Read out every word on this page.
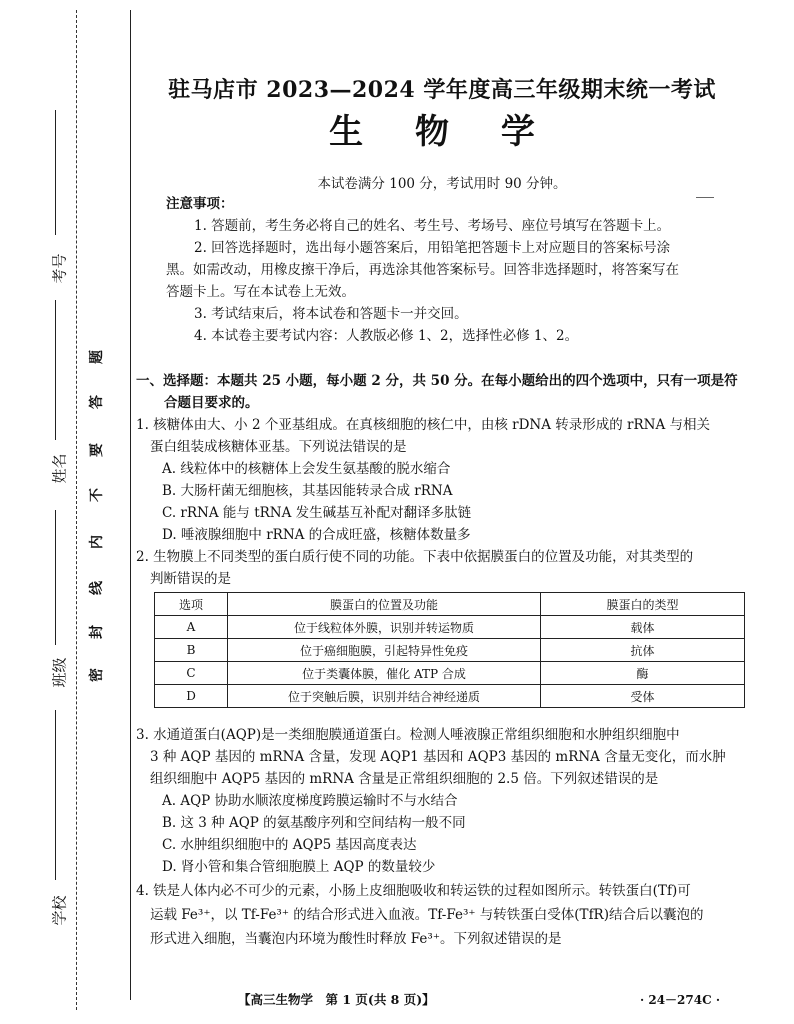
考号
姓名
班级
学校
密
封
线
内
不
要
答
题
驻马店市 2023—2024 学年度高三年级期末统一考试
生 物 学
本试卷满分 100 分，考试用时 90 分钟。
注意事项：
1. 答题前，考生务必将自己的姓名、考生号、考场号、座位号填写在答题卡上。
2. 回答选择题时，选出每小题答案后，用铅笔把答题卡上对应题目的答案标号涂
黑。如需改动，用橡皮擦干净后，再选涂其他答案标号。回答非选择题时，将答案写在
答题卡上。写在本试卷上无效。
3. 考试结束后，将本试卷和答题卡一并交回。
4. 本试卷主要考试内容：人教版必修 1、2，选择性必修 1、2。
一、选择题：本题共 25 小题，每小题 2 分，共 50 分。在每小题给出的四个选项中，只有一项是符
合题目要求的。
1. 核糖体由大、小 2 个亚基组成。在真核细胞的核仁中，由核 rDNA 转录形成的 rRNA 与相关
蛋白组装成核糖体亚基。下列说法错误的是
A. 线粒体中的核糖体上会发生氨基酸的脱水缩合
B. 大肠杆菌无细胞核，其基因能转录合成 rRNA
C. rRNA 能与 tRNA 发生碱基互补配对翻译多肽链
D. 唾液腺细胞中 rRNA 的合成旺盛，核糖体数量多
2. 生物膜上不同类型的蛋白质行使不同的功能。下表中依据膜蛋白的位置及功能，对其类型的
判断错误的是
选项	膜蛋白的位置及功能	膜蛋白的类型
A	位于线粒体外膜，识别并转运物质	载体
B	位于癌细胞膜，引起特异性免疫	抗体
C	位于类囊体膜，催化 ATP 合成	酶
D	位于突触后膜，识别并结合神经递质	受体
3. 水通道蛋白(AQP)是一类细胞膜通道蛋白。检测人唾液腺正常组织细胞和水肿组织细胞中
3 种 AQP 基因的 mRNA 含量，发现 AQP1 基因和 AQP3 基因的 mRNA 含量无变化，而水肿
组织细胞中 AQP5 基因的 mRNA 含量是正常组织细胞的 2.5 倍。下列叙述错误的是
A. AQP 协助水顺浓度梯度跨膜运输时不与水结合
B. 这 3 种 AQP 的氨基酸序列和空间结构一般不同
C. 水肿组织细胞中的 AQP5 基因高度表达
D. 肾小管和集合管细胞膜上 AQP 的数量较少
4. 铁是人体内必不可少的元素，小肠上皮细胞吸收和转运铁的过程如图所示。转铁蛋白(Tf)可
运载 Fe³⁺，以 Tf-Fe³⁺ 的结合形式进入血液。Tf-Fe³⁺ 与转铁蛋白受体(TfR)结合后以囊泡的
形式进入细胞，当囊泡内环境为酸性时释放 Fe³⁺。下列叙述错误的是
【高三生物学　第 1 页(共 8 页)】	· 24－274C ·
